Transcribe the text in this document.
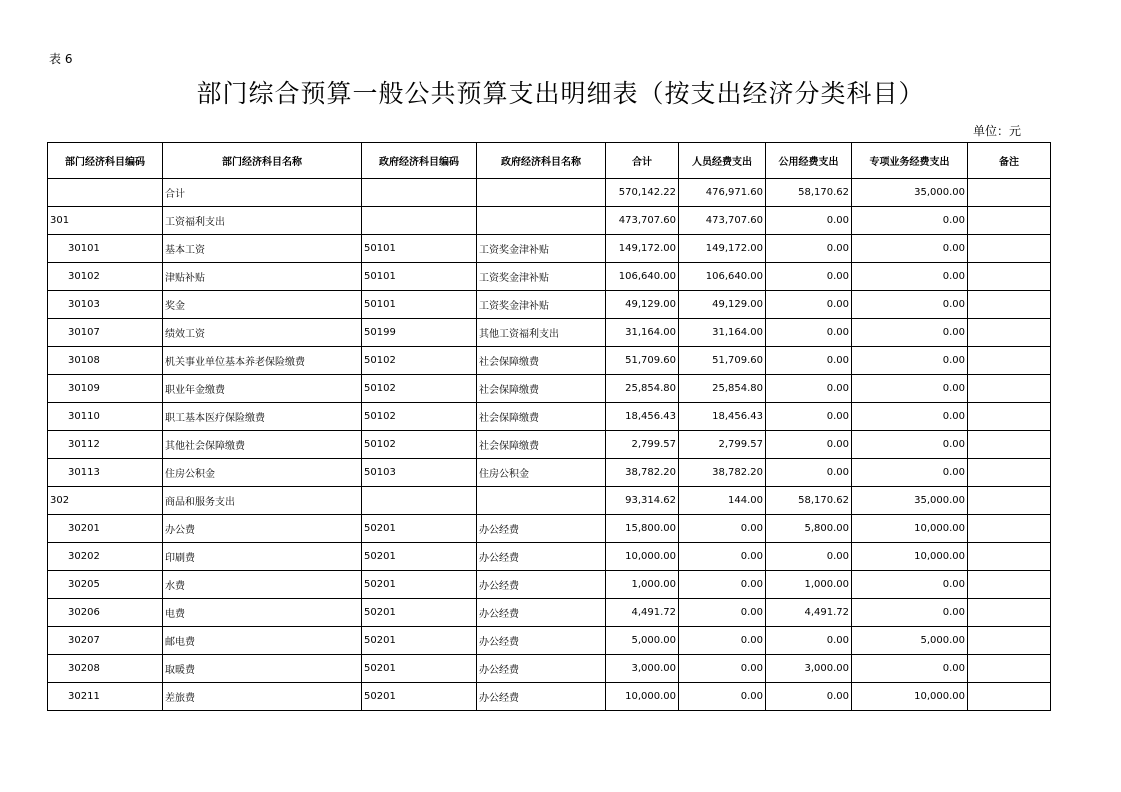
表 6
部门综合预算一般公共预算支出明细表（按支出经济分类科目）
单位：元
部门经济科目编码	部门经济科目名称	政府经济科目编码	政府经济科目名称	合计	人员经费支出	公用经费支出	专项业务经费支出	备注
	合计			570,142.22	476,971.60	58,170.62	35,000.00	
301	工资福利支出			473,707.60	473,707.60	0.00	0.00	
30101	基本工资	50101	工资奖金津补贴	149,172.00	149,172.00	0.00	0.00	
30102	津贴补贴	50101	工资奖金津补贴	106,640.00	106,640.00	0.00	0.00	
30103	奖金	50101	工资奖金津补贴	49,129.00	49,129.00	0.00	0.00	
30107	绩效工资	50199	其他工资福利支出	31,164.00	31,164.00	0.00	0.00	
30108	机关事业单位基本养老保险缴费	50102	社会保障缴费	51,709.60	51,709.60	0.00	0.00	
30109	职业年金缴费	50102	社会保障缴费	25,854.80	25,854.80	0.00	0.00	
30110	职工基本医疗保险缴费	50102	社会保障缴费	18,456.43	18,456.43	0.00	0.00	
30112	其他社会保障缴费	50102	社会保障缴费	2,799.57	2,799.57	0.00	0.00	
30113	住房公积金	50103	住房公积金	38,782.20	38,782.20	0.00	0.00	
302	商品和服务支出			93,314.62	144.00	58,170.62	35,000.00	
30201	办公费	50201	办公经费	15,800.00	0.00	5,800.00	10,000.00	
30202	印刷费	50201	办公经费	10,000.00	0.00	0.00	10,000.00	
30205	水费	50201	办公经费	1,000.00	0.00	1,000.00	0.00	
30206	电费	50201	办公经费	4,491.72	0.00	4,491.72	0.00	
30207	邮电费	50201	办公经费	5,000.00	0.00	0.00	5,000.00	
30208	取暖费	50201	办公经费	3,000.00	0.00	3,000.00	0.00	
30211	差旅费	50201	办公经费	10,000.00	0.00	0.00	10,000.00	
